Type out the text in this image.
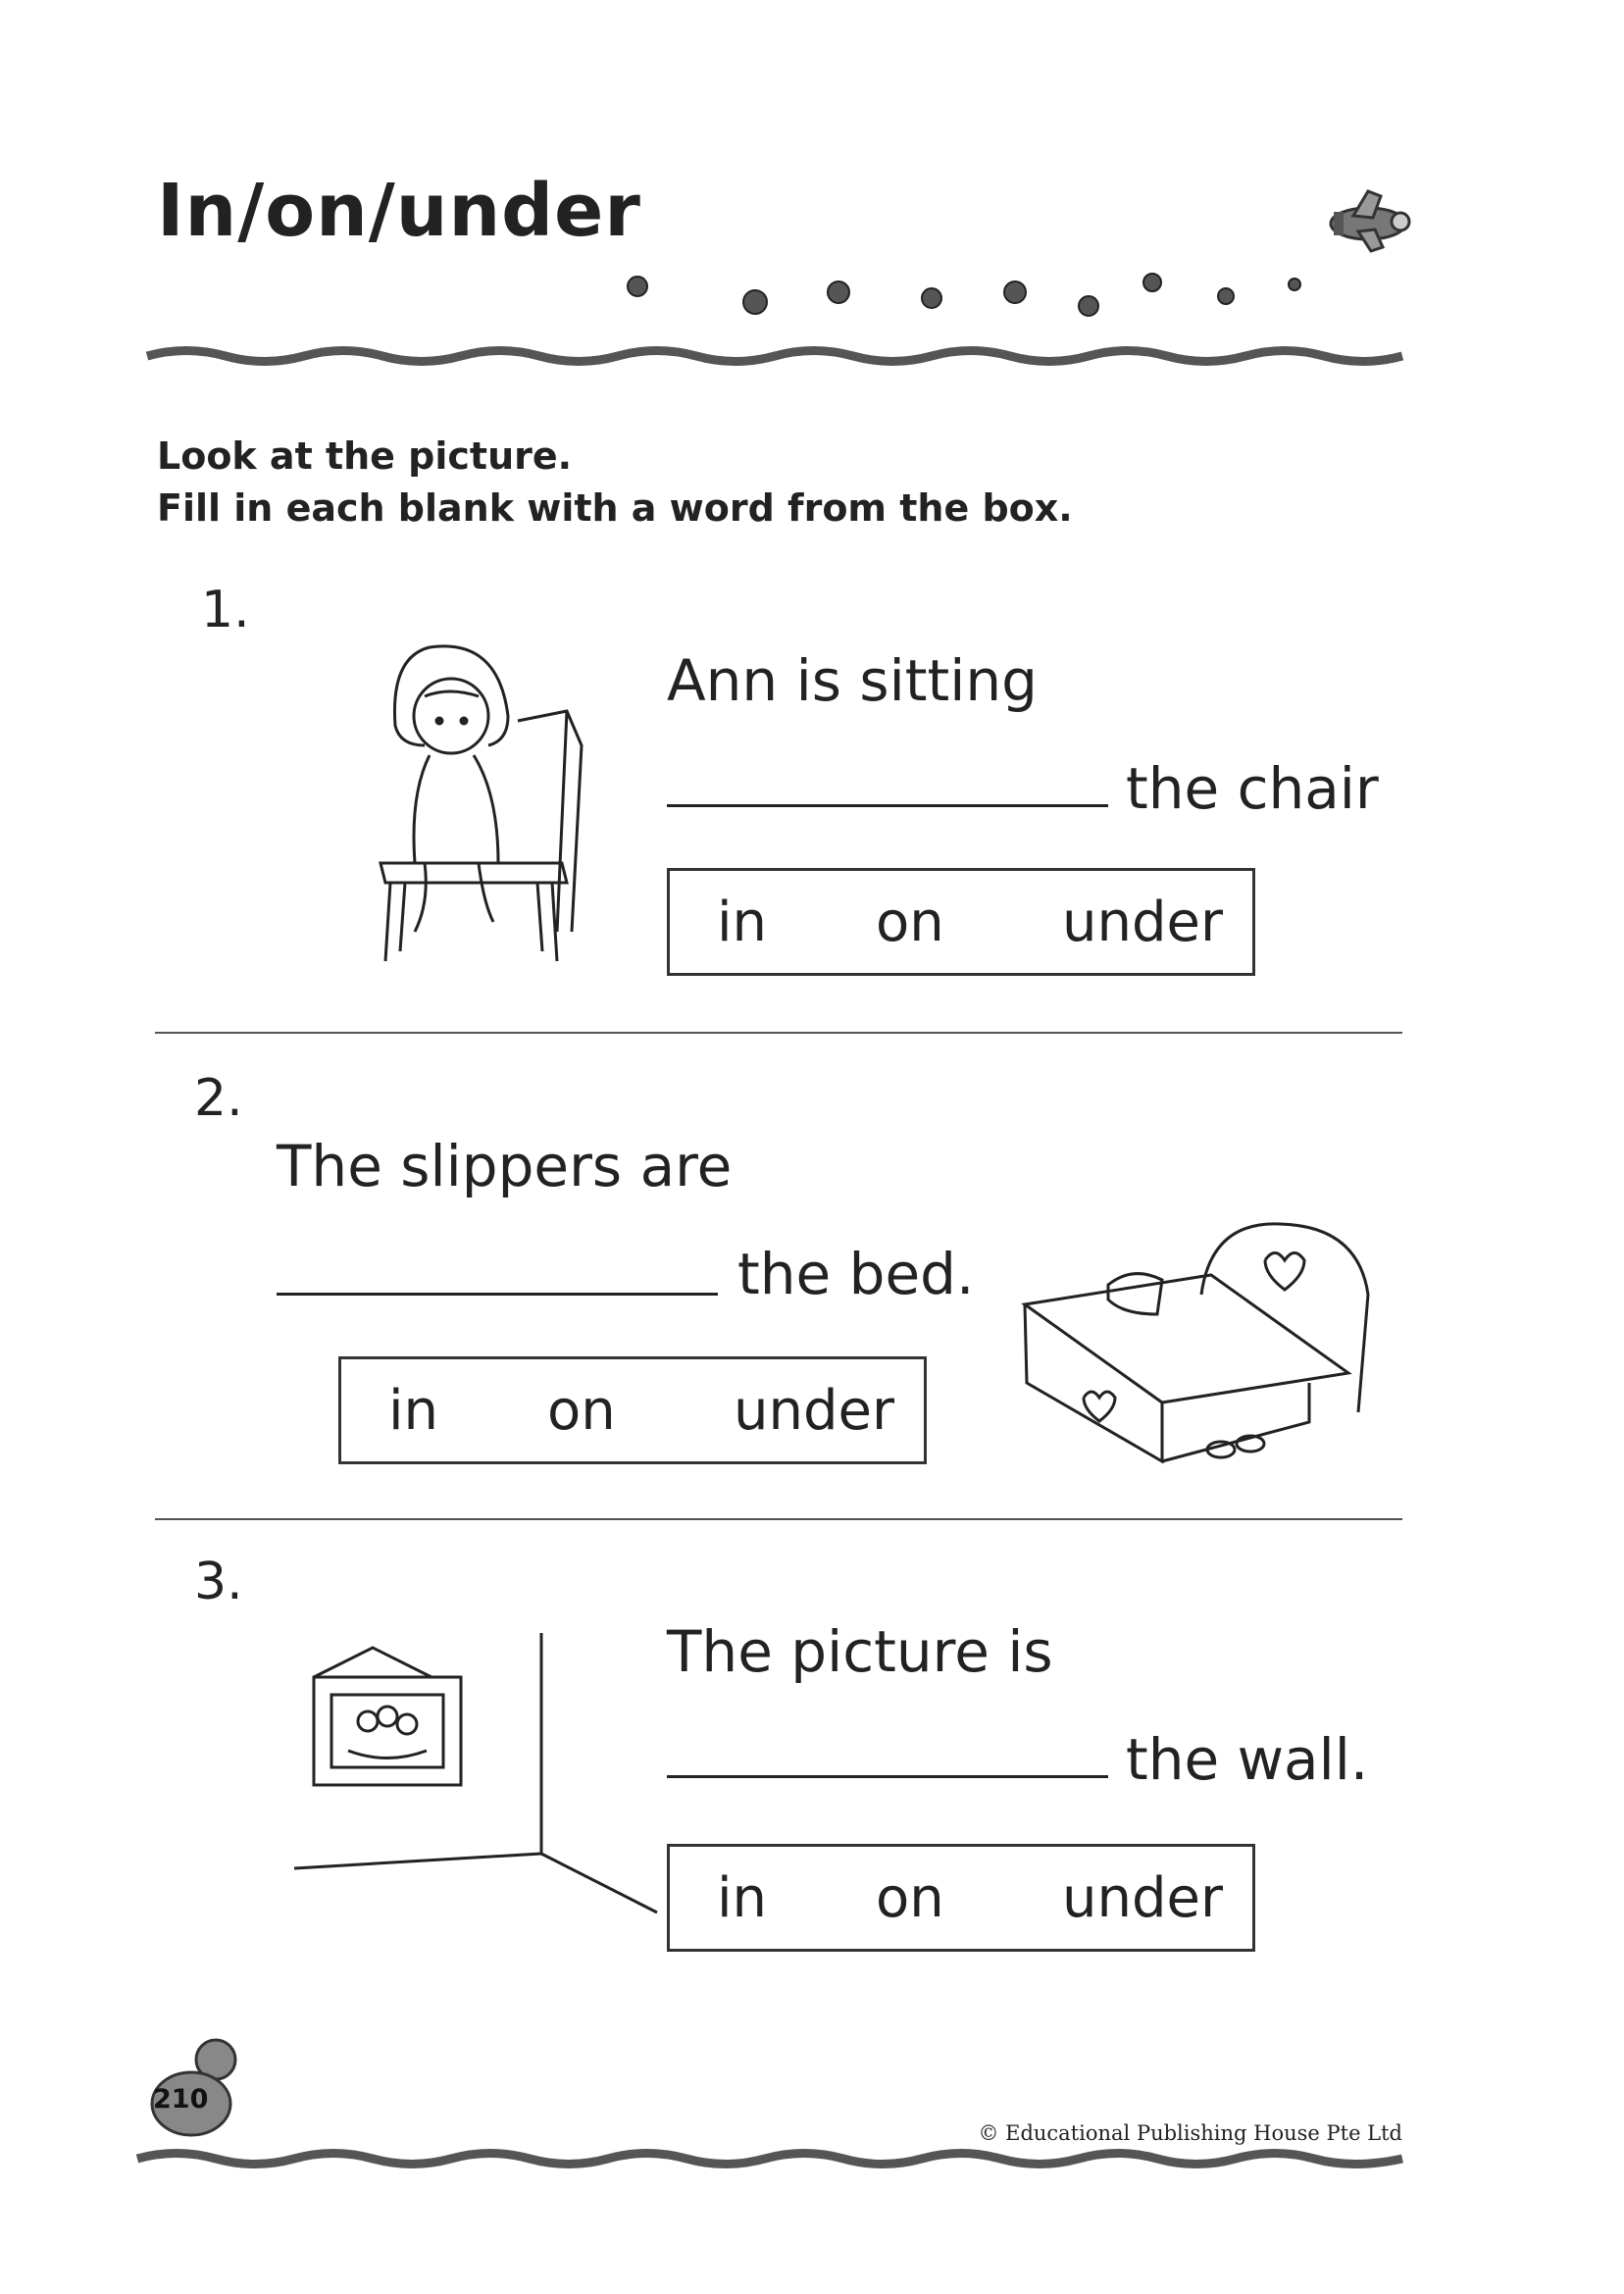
In/on/under
Look at the picture.
Fill in each blank with a word from the box.
1.
Ann is sitting
the chair
in on under
2.
The slippers are
the bed.
in on under
3.
The picture is
the wall.
in on under
210
© Educational Publishing House Pte Ltd
